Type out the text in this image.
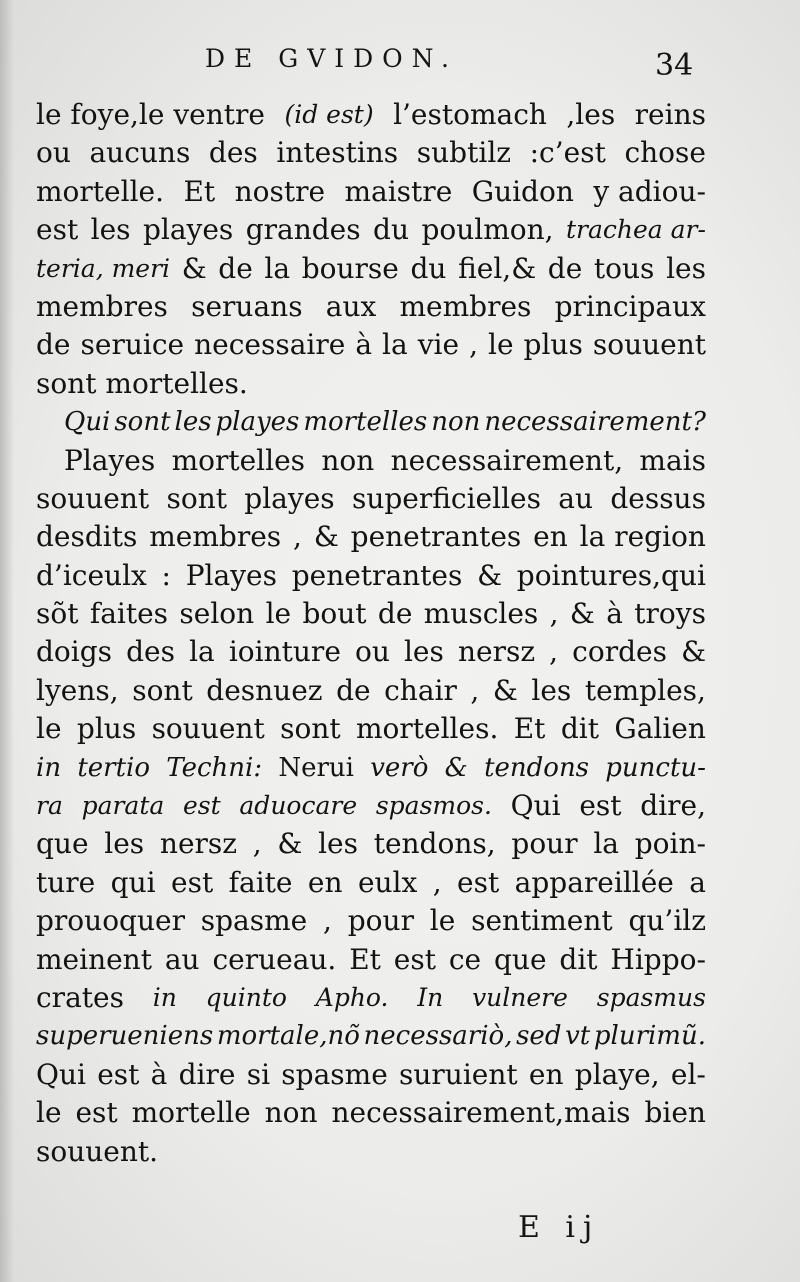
DE GVIDON.	34
le foye,le ventre (id est) l’estomach ,les reins
ou aucuns des intestins subtilz :c’est chose
mortelle. Et nostre maistre Guidon y adiou-
est les playes grandes du poulmon, trachea ar-
teria, meri & de la bourse du fiel,& de tous les
membres seruans aux membres principaux
de seruice necessaire à la vie , le plus souuent
sont mortelles.
Qui sont les playes mortelles non necessairement?
Playes mortelles non necessairement, mais
souuent sont playes superficielles au dessus
desdits membres , & penetrantes en la region
d’iceulx : Playes penetrantes & pointures,qui
sõt faites selon le bout de muscles , & à troys
doigs des la iointure ou les nersz , cordes &
lyens, sont desnuez de chair , & les temples,
le plus souuent sont mortelles. Et dit Galien
in tertio Techni: Nerui verò & tendons punctu-
ra parata est aduocare spasmos. Qui est dire,
que les nersz , & les tendons, pour la poin-
ture qui est faite en eulx , est appareillée a
prouoquer spasme , pour le sentiment qu’ilz
meinent au cerueau. Et est ce que dit Hippo-
crates in quinto Apho. In vulnere spasmus
superueniens mortale,nõ necessariò, sed vt plurimũ.
Qui est à dire si spasme suruient en playe, el-
le est mortelle non necessairement,mais bien
souuent.
E ij
